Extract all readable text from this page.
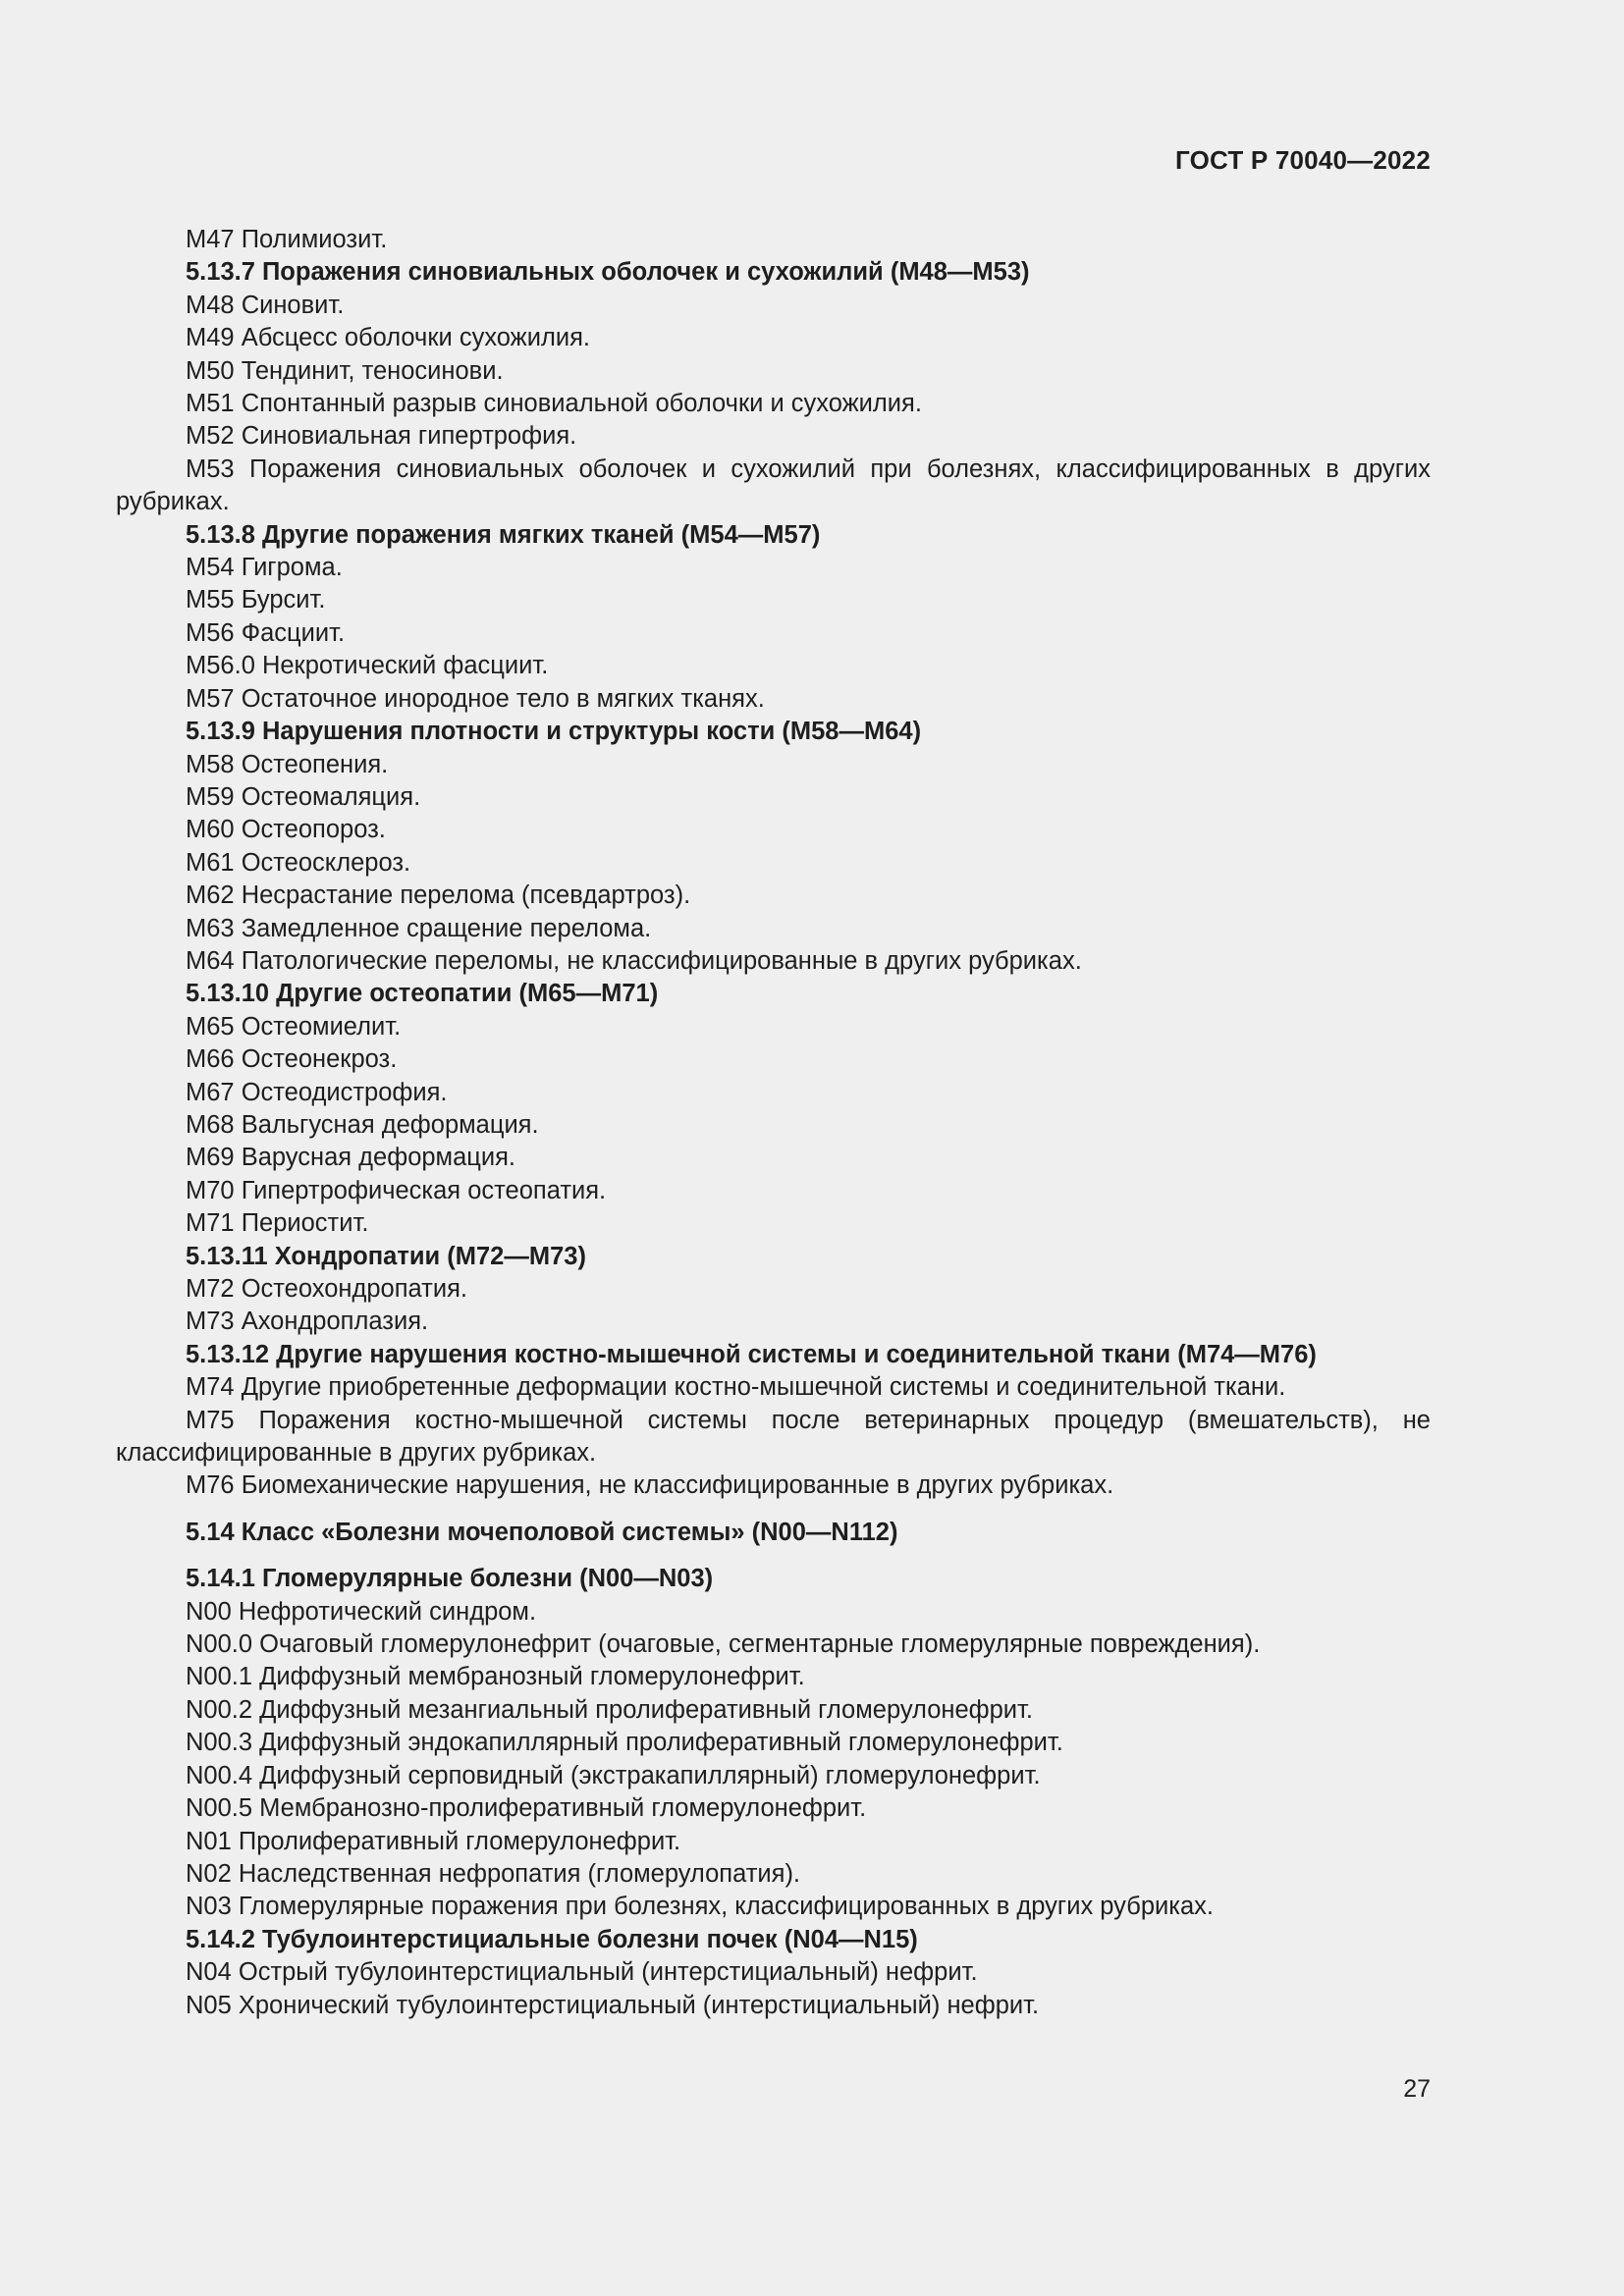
ГОСТ Р 70040—2022
M47 Полимиозит.
5.13.7 Поражения синовиальных оболочек и сухожилий (M48—M53)
M48 Синовит.
M49 Абсцесс оболочки сухожилия.
M50 Тендинит, теносинови.
M51 Спонтанный разрыв синовиальной оболочки и сухожилия.
M52 Синовиальная гипертрофия.
M53 Поражения синовиальных оболочек и сухожилий при болезнях, классифицированных в других рубриках.
5.13.8 Другие поражения мягких тканей (M54—M57)
M54 Гигрома.
M55 Бурсит.
M56 Фасциит.
M56.0 Некротический фасциит.
M57 Остаточное инородное тело в мягких тканях.
5.13.9 Нарушения плотности и структуры кости (M58—M64)
M58 Остеопения.
M59 Остеомаляция.
M60 Остеопороз.
M61 Остеосклероз.
M62 Несрастание перелома (псевдартроз).
M63 Замедленное сращение перелома.
M64 Патологические переломы, не классифицированные в других рубриках.
5.13.10 Другие остеопатии (M65—M71)
M65 Остеомиелит.
M66 Остеонекроз.
M67 Остеодистрофия.
M68 Вальгусная деформация.
M69 Варусная деформация.
M70 Гипертрофическая остеопатия.
M71 Периостит.
5.13.11 Хондропатии (M72—M73)
M72 Остеохондропатия.
M73 Ахондроплазия.
5.13.12 Другие нарушения костно-мышечной системы и соединительной ткани (M74—M76)
M74 Другие приобретенные деформации костно-мышечной системы и соединительной ткани.
M75 Поражения костно-мышечной системы после ветеринарных процедур (вмешательств), не классифицированные в других рубриках.
M76 Биомеханические нарушения, не классифицированные в других рубриках.
5.14 Класс «Болезни мочеполовой системы» (N00—N112)
5.14.1 Гломерулярные болезни (N00—N03)
N00 Нефротический синдром.
N00.0 Очаговый гломерулонефрит (очаговые, сегментарные гломерулярные повреждения).
N00.1 Диффузный мембранозный гломерулонефрит.
N00.2 Диффузный мезангиальный пролиферативный гломерулонефрит.
N00.3 Диффузный эндокапиллярный пролиферативный гломерулонефрит.
N00.4 Диффузный серповидный (экстракапиллярный) гломерулонефрит.
N00.5 Мембранозно-пролиферативный гломерулонефрит.
N01 Пролиферативный гломерулонефрит.
N02 Наследственная нефропатия (гломерулопатия).
N03 Гломерулярные поражения при болезнях, классифицированных в других рубриках.
5.14.2 Тубулоинтерстициальные болезни почек (N04—N15)
N04 Острый тубулоинтерстициальный (интерстициальный) нефрит.
N05 Хронический тубулоинтерстициальный (интерстициальный) нефрит.
27
